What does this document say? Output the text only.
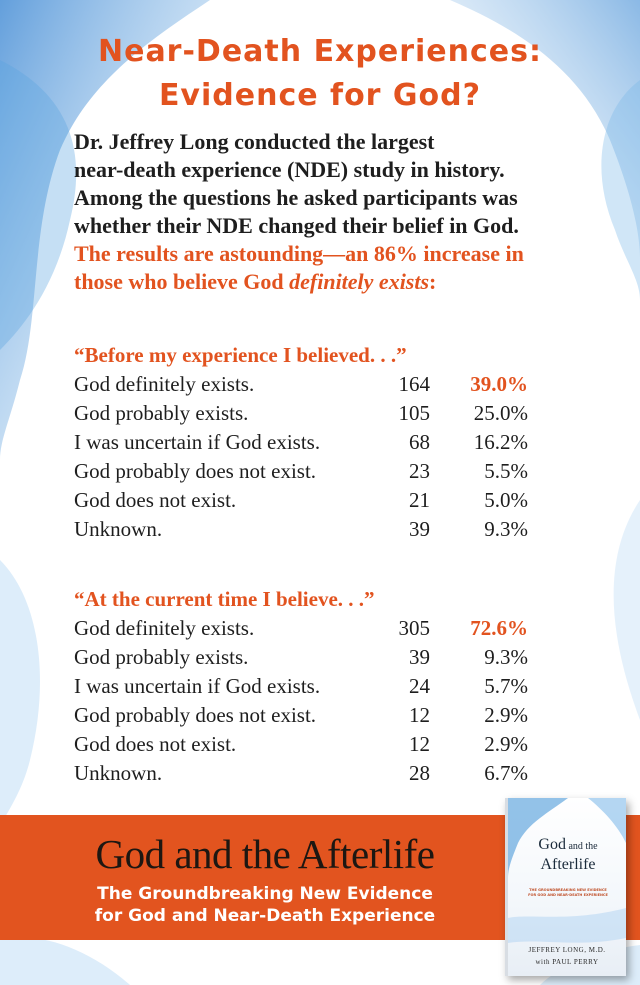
Near-Death Experiences:
Evidence for God?
Dr. Jeffrey Long conducted the largest
near-death experience (NDE) study in history.
Among the questions he asked participants was
whether their NDE changed their belief in God.
The results are astounding—an 86% increase in
those who believe God definitely exists:
“Before my experience I believed. . .”
God definitely exists.	164 39.0%
God probably exists.	105 25.0%
I was uncertain if God exists.	68 16.2%
God probably does not exist.	23	5.5%
God does not exist.	21	5.0%
Unknown.	39	9.3%
“At the current time I believe. . .”
God definitely exists.	305 72.6%
God probably exists.	39	9.3%
I was uncertain if God exists.	24	5.7%
God probably does not exist.	12	2.9%
God does not exist.	12	2.9%
Unknown.	28	6.7%
God and the Afterlife
The Groundbreaking New Evidence
for God and Near-Death Experience
God and the
Afterlife
THE GROUNDBREAKING NEW EVIDENCE FOR GOD AND NEAR-DEATH EXPERIENCE
JEFFREY LONG, M.D.
with PAUL PERRY
